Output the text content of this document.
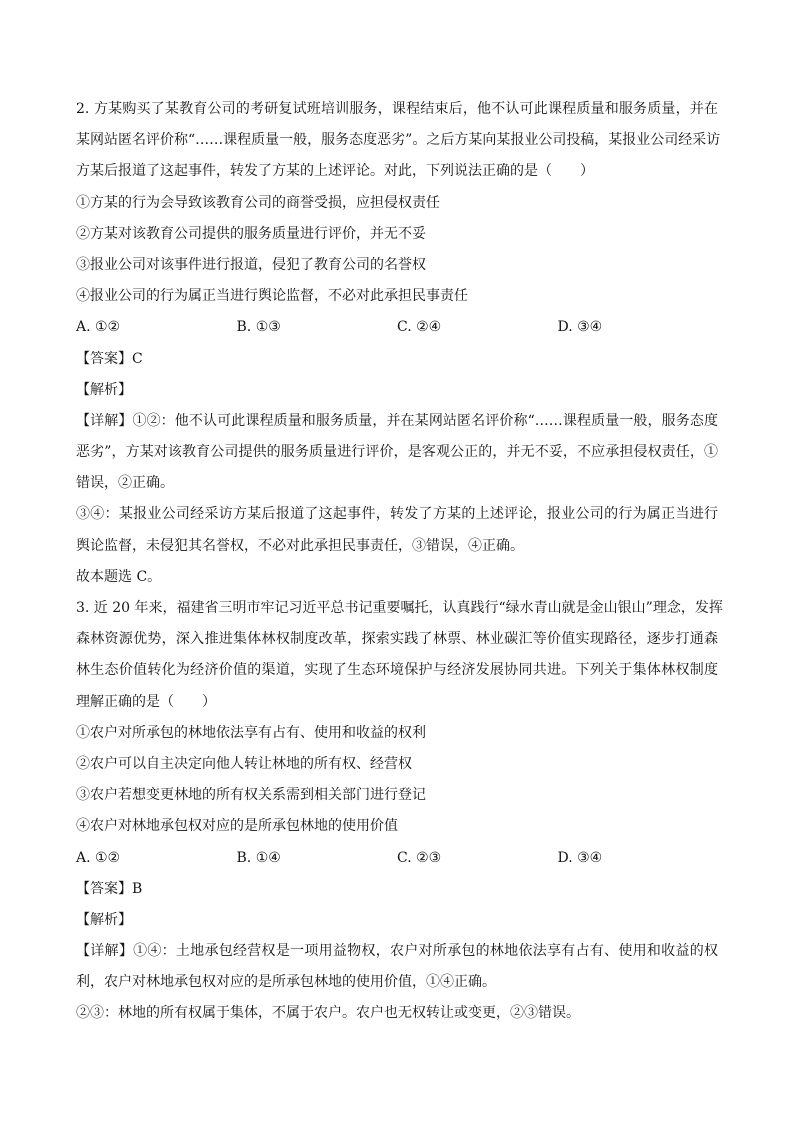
2. 方某购买了某教育公司的考研复试班培训服务，课程结束后，他不认可此课程质量和服务质量，并在
某网站匿名评价称“……课程质量一般，服务态度恶劣”。之后方某向某报业公司投稿，某报业公司经采访
方某后报道了这起事件，转发了方某的上述评论。对此，下列说法正确的是（　　）
①方某的行为会导致该教育公司的商誉受损，应担侵权责任
②方某对该教育公司提供的服务质量进行评价，并无不妥
③报业公司对该事件进行报道，侵犯了教育公司的名誉权
④报业公司的行为属正当进行舆论监督，不必对此承担民事责任
A. ①②	B. ①③	C. ②④	D. ③④
【答案】C
【解析】
【详解】①②：他不认可此课程质量和服务质量，并在某网站匿名评价称“……课程质量一般，服务态度
恶劣”，方某对该教育公司提供的服务质量进行评价，是客观公正的，并无不妥，不应承担侵权责任，①
错误，②正确。
③④：某报业公司经采访方某后报道了这起事件，转发了方某的上述评论，报业公司的行为属正当进行
舆论监督，未侵犯其名誉权，不必对此承担民事责任，③错误，④正确。
故本题选 C。
3. 近 20 年来，福建省三明市牢记习近平总书记重要嘱托，认真践行“绿水青山就是金山银山”理念，发挥
森林资源优势，深入推进集体林权制度改革，探索实践了林票、林业碳汇等价值实现路径，逐步打通森
林生态价值转化为经济价值的渠道，实现了生态环境保护与经济发展协同共进。下列关于集体林权制度
理解正确的是（　　）
①农户对所承包的林地依法享有占有、使用和收益的权利
②农户可以自主决定向他人转让林地的所有权、经营权
③农户若想变更林地的所有权关系需到相关部门进行登记
④农户对林地承包权对应的是所承包林地的使用价值
A. ①②	B. ①④	C. ②③	D. ③④
【答案】B
【解析】
【详解】①④：土地承包经营权是一项用益物权，农户对所承包的林地依法享有占有、使用和收益的权
利，农户对林地承包权对应的是所承包林地的使用价值，①④正确。
②③：林地的所有权属于集体，不属于农户。农户也无权转让或变更，②③错误。
